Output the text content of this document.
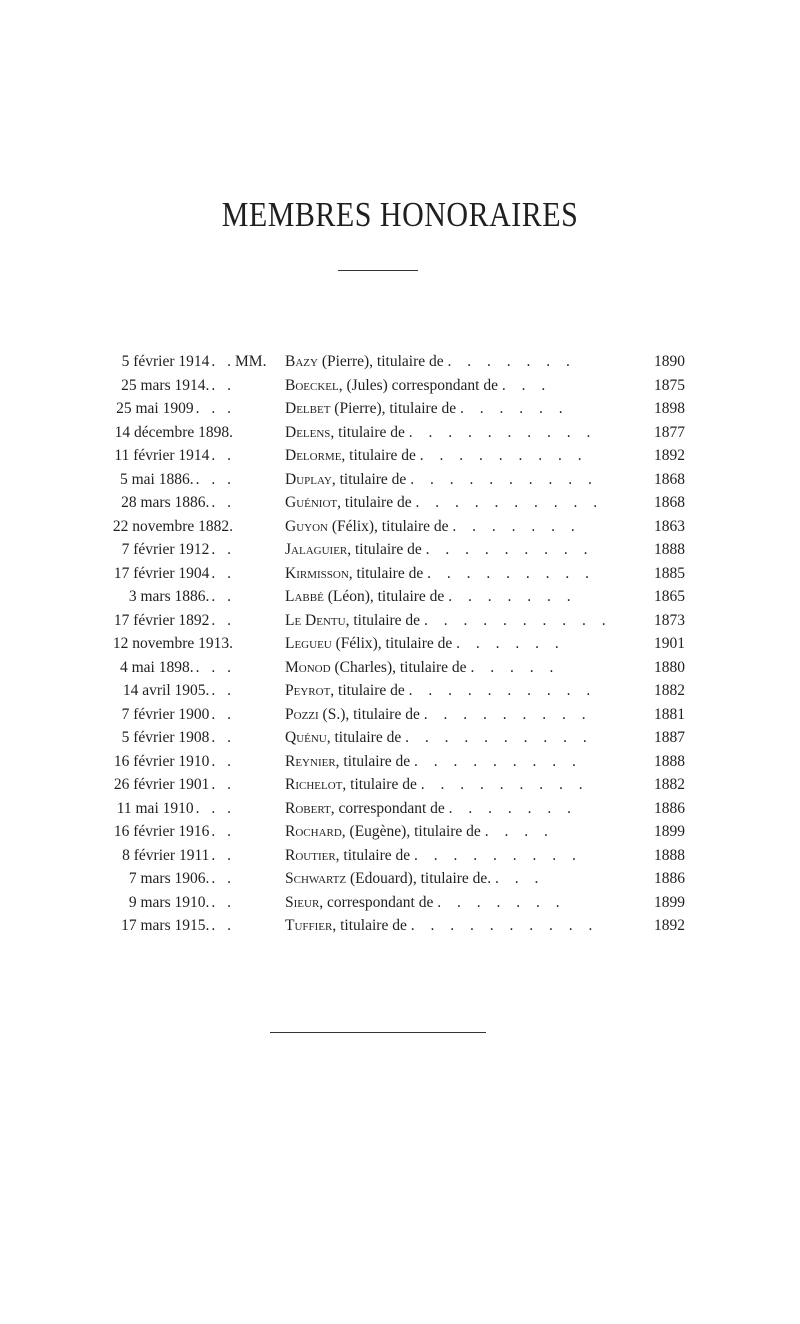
MEMBRES HONORAIRES
5 février 1914 . . MM.	Bazy (Pierre), titulaire de . . . . . . .	1890
25 mars 1914. . .	Boeckel, (Jules) correspondant de . . .	1875
25 mai 1909 . . .	Delbet (Pierre), titulaire de . . . . . .	1898
14 décembre 1898.	Delens, titulaire de . . . . . . . . . .	1877
11 février 1914 . .	Delorme, titulaire de . . . . . . . . .	1892
5 mai 1886. . . .	Duplay, titulaire de . . . . . . . . . .	1868
28 mars 1886. . .	Guéniot, titulaire de . . . . . . . . . .	1868
22 novembre 1882.	Guyon (Félix), titulaire de . . . . . . .	1863
7 février 1912 . .	Jalaguier, titulaire de . . . . . . . . .	1888
17 février 1904 . .	Kirmisson, titulaire de . . . . . . . . .	1885
3 mars 1886. . .	Labbé (Léon), titulaire de . . . . . . .	1865
17 février 1892 . .	Le Dentu, titulaire de . . . . . . . . . .	1873
12 novembre 1913.	Legueu (Félix), titulaire de . . . . . .	1901
4 mai 1898. . . .	Monod (Charles), titulaire de . . . . .	1880
14 avril 1905. . .	Peyrot, titulaire de . . . . . . . . . .	1882
7 février 1900 . .	Pozzi (S.), titulaire de . . . . . . . . .	1881
5 février 1908 . .	Quénu, titulaire de . . . . . . . . . .	1887
16 février 1910 . .	Reynier, titulaire de . . . . . . . . .	1888
26 février 1901 . .	Richelot, titulaire de . . . . . . . . .	1882
11 mai 1910 . . .	Robert, correspondant de . . . . . . .	1886
16 février 1916 . .	Rochard, (Eugène), titulaire de . . . .	1899
8 février 1911 . .	Routier, titulaire de . . . . . . . . .	1888
7 mars 1906. . .	Schwartz (Edouard), titulaire de. . . .	1886
9 mars 1910. . .	Sieur, correspondant de . . . . . . .	1899
17 mars 1915. . .	Tuffier, titulaire de . . . . . . . . . .	1892
